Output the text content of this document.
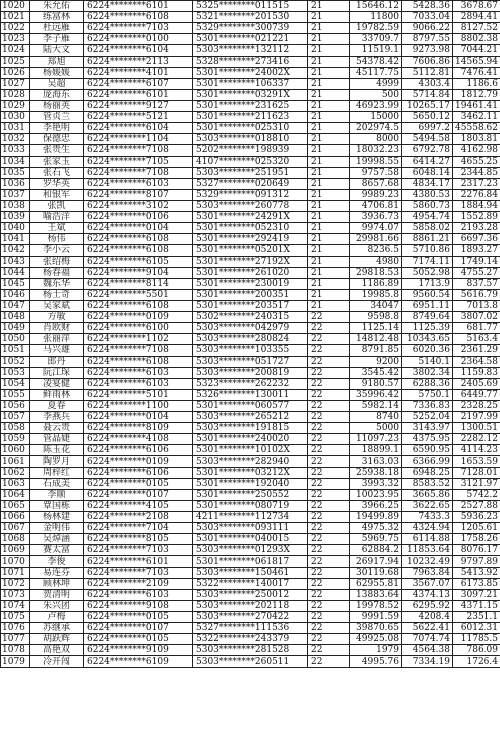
1020	朱允佑	6224********6101	5325********011515	21	15646.12	5428.36	3678.67
1021	练富林	6224********6108	5321********201530	21	11800	7033.04	2894.41
1022	杜远雁	6224********7103	5329********300739	21	19782.59	9066.22	8127.52
1023	李子雁	6224********0100	5301********021221	21	33709.7	8797.55	8802.38
1024	陆大文	6224********6104	5303********132112	21	11519.1	9273.98	7044.21
1025	郑旭	6224********2113	5328********273416	21	54378.42	7606.86	14565.94
1026	杨媛媛	6224********4101	5301********24002X	21	45117.75	5112.81	7476.41
1027	吴超	6224********6107	5301********106337	21	4999	4303.4	1186.6
1028	庞海东	6224********6101	5301********03291X	21	500	5714.84	1812.79
1029	杨丽英	6224********9127	5301********231625	21	46923.99	10265.17	19461.41
1030	管贞兰	6224********5121	5301********211623	21	15000	5650.12	3462.11
1031	李艳明	6224********6104	5301********025310	21	202974.5	6997.2	45558.62
1032	保德忠	6224********1104	5303********018810	21	8000	5494.58	1803.81
1033	张贵生	6224********7108	5202********198939	21	18032.23	6792.78	4162.98
1034	张家玉	6224********7105	4107********025320	21	19998.55	6414.27	4655.25
1035	张石飞	6224********7108	5303********251951	21	9757.58	6048.14	2344.85
1036	罗华英	6224********6103	5327********020649	21	8657.68	4834.17	2317.23
1037	和银军	6224********8107	5329********091312	21	9989.23	4380.53	2276.84
1038	张凯	6224********3102	5303********260778	21	4706.81	5860.73	1884.94
1039	喻浩洋	6224********0106	5301********24291X	21	3936.73	4954.74	1552.89
1040	王斌	6224********0104	5301********052310	21	9974.07	5858.02	2193.28
1041	杨伟	6224********6108	5301********292419	21	29981.66	8861.21	6697.36
1042	李小云	6224********6108	5301********05201X	21	8236.5	5710.86	1893.27
1043	张绍梅	6224********6105	5301********27192X	21	4980	7174.11	1749.14
1044	杨春福	6224********9104	5301********261020	21	29818.53	5052.98	4755.27
1045	魏东华	6224********8114	5301********230019	21	1186.89	1713.9	837.57
1046	杨士奇	6224********5501	5301********200351	21	19985.8	9560.54	5616.79
1047	吴家斌	6224********6108	5301********203517	21	34047	6951.11	7013.8
1048	方敏	6224********0109	5302********240315	22	9598.8	8749.64	3807.02
1049	肖欧财	6224********6100	5303********042979	22	1125.14	1125.39	681.77
1050	张丽萍	6224********1102	5303********280824	22	14812.48	10343.65	5163.4
1051	马兴雄	6224********7108	5303********103355	22	8791.85	6020.36	2361.29
1052	郎丹	6224********6108	5303********051727	22	9200	5140.1	2364.58
1053	阮江琛	6224********6103	5303********200819	22	3545.42	3802.34	1159.83
1054	凌宴健	6224********6103	5323********262232	22	9180.57	6288.36	2405.69
1055	鲜雨林	6224********5101	5326********130011	22	35996.42	5750.1	6449.77
1056	夏春	6224********1100	5301********060577	22	5982.14	7336.83	2328.25
1057	李燕兵	6224********0104	5303********265212	22	8740	5252.04	2197.99
1058	聂云贵	6224********8109	5303********191815	22	5000	3143.97	1300.51
1059	管晶婕	6224********4108	5301********240020	22	11097.23	4375.95	2282.12
1060	陈玉花	6224********6106	5301********10102X	22	18899.1	6590.95	4114.23
1061	陶罗月	6224********0109	5303********282940	22	3163.03	6366.99	1653.59
1062	周梓红	6224********6106	5301********03212X	22	25938.18	6948.25	7128.01
1063	石成美	6224********0105	5301********192040	22	3993.32	8583.52	3121.97
1064	李顺	6224********0107	5301********250552	22	10023.95	3665.86	5742.2
1065	覃国栋	6224********4105	5301********080719	22	3966.25	3622.65	2527.88
1066	杨林建	6224********2108	4211********112734	22	19499.89	7433.3	5936.23
1067	金明伟	6224********7104	5303********093111	22	4975.32	4324.94	1205.61
1068	吴焯涵	6224********8105	5301********040015	22	5969.75	6114.88	1758.26
1069	赛太富	6224********7103	5303********01293X	22	62884.2	11853.64	8076.17
1070	李俊	6224********6101	5301********061817	22	26917.94	10232.49	9797.89
1071	易连芬	6224********7103	5303********150461	22	30119.68	7963.84	5413.92
1072	顾林坤	6224********2109	5322********140017	22	62955.81	3567.07	6173.85
1073	贺清明	6224********6103	5303********250012	22	13883.64	4374.13	3097.21
1074	朱兴团	6224********9108	5303********202118	22	19978.52	6295.92	4371.15
1075	卢梅	6224********0105	5303********270422	22	9991.59	4208.4	2351.1
1076	苏继承	6224********0107	5327********111536	22	39870.65	5622.41	6012.31
1077	胡跃辉	6224********0105	5322********243379	22	49925.08	7074.74	11785.5
1078	高艳双	6224********9109	5303********281528	22	1979	4564.38	786.09
1079	冷开闯	6224********6109	5303********260511	22	4995.76	7334.19	1726.4
